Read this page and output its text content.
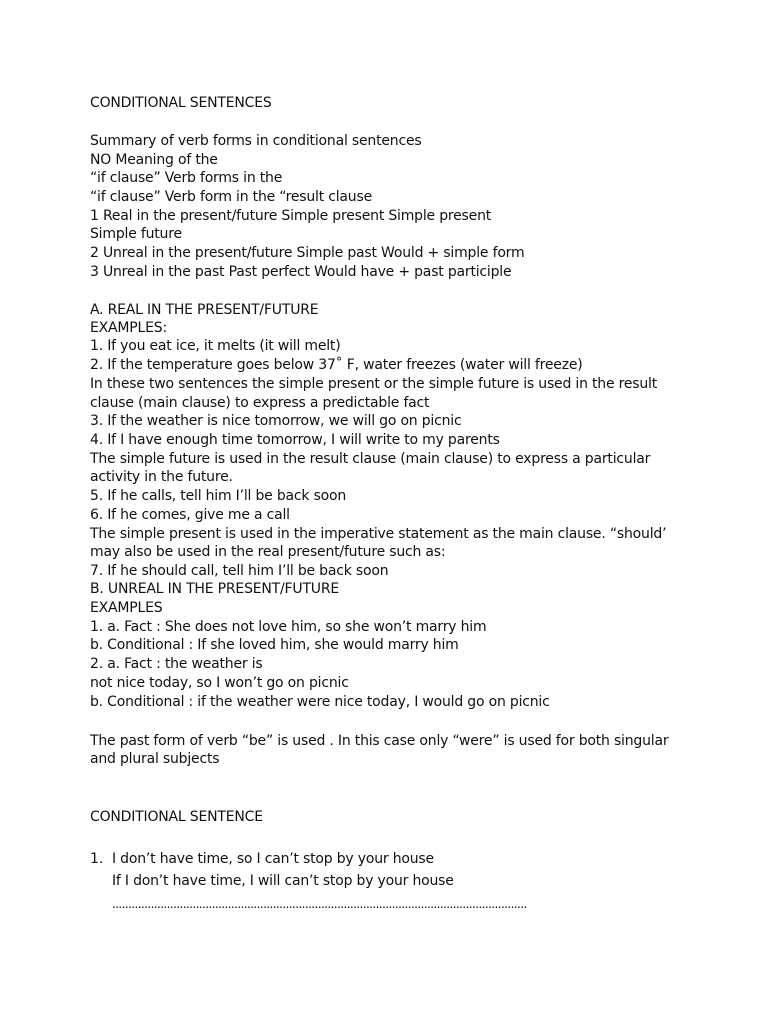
CONDITIONAL SENTENCES
Summary of verb forms in conditional sentences
NO Meaning of the
“if clause” Verb forms in the
“if clause” Verb form in the “result clause
1 Real in the present/future Simple present Simple present
Simple future
2 Unreal in the present/future Simple past Would + simple form
3 Unreal in the past Past perfect Would have + past participle
A. REAL IN THE PRESENT/FUTURE
EXAMPLES:
1. If you eat ice, it melts (it will melt)
2. If the temperature goes below 37˚ F, water freezes (water will freeze)
In these two sentences the simple present or the simple future is used in the result
clause (main clause) to express a predictable fact
3. If the weather is nice tomorrow, we will go on picnic
4. If I have enough time tomorrow, I will write to my parents
The simple future is used in the result clause (main clause) to express a particular
activity in the future.
5. If he calls, tell him I’ll be back soon
6. If he comes, give me a call
The simple present is used in the imperative statement as the main clause. “should’
may also be used in the real present/future such as:
7. If he should call, tell him I’ll be back soon
B. UNREAL IN THE PRESENT/FUTURE
EXAMPLES
1. a. Fact : She does not love him, so she won’t marry him
b. Conditional : If she loved him, she would marry him
2. a. Fact : the weather is
not nice today, so I won’t go on picnic
b. Conditional : if the weather were nice today, I would go on picnic
The past form of verb “be” is used . In this case only “were” is used for both singular
and plural subjects
CONDITIONAL SENTENCE
1. I don’t have time, so I can’t stop by your house
If I don’t have time, I will can’t stop by your house
.................................................................................................................................
